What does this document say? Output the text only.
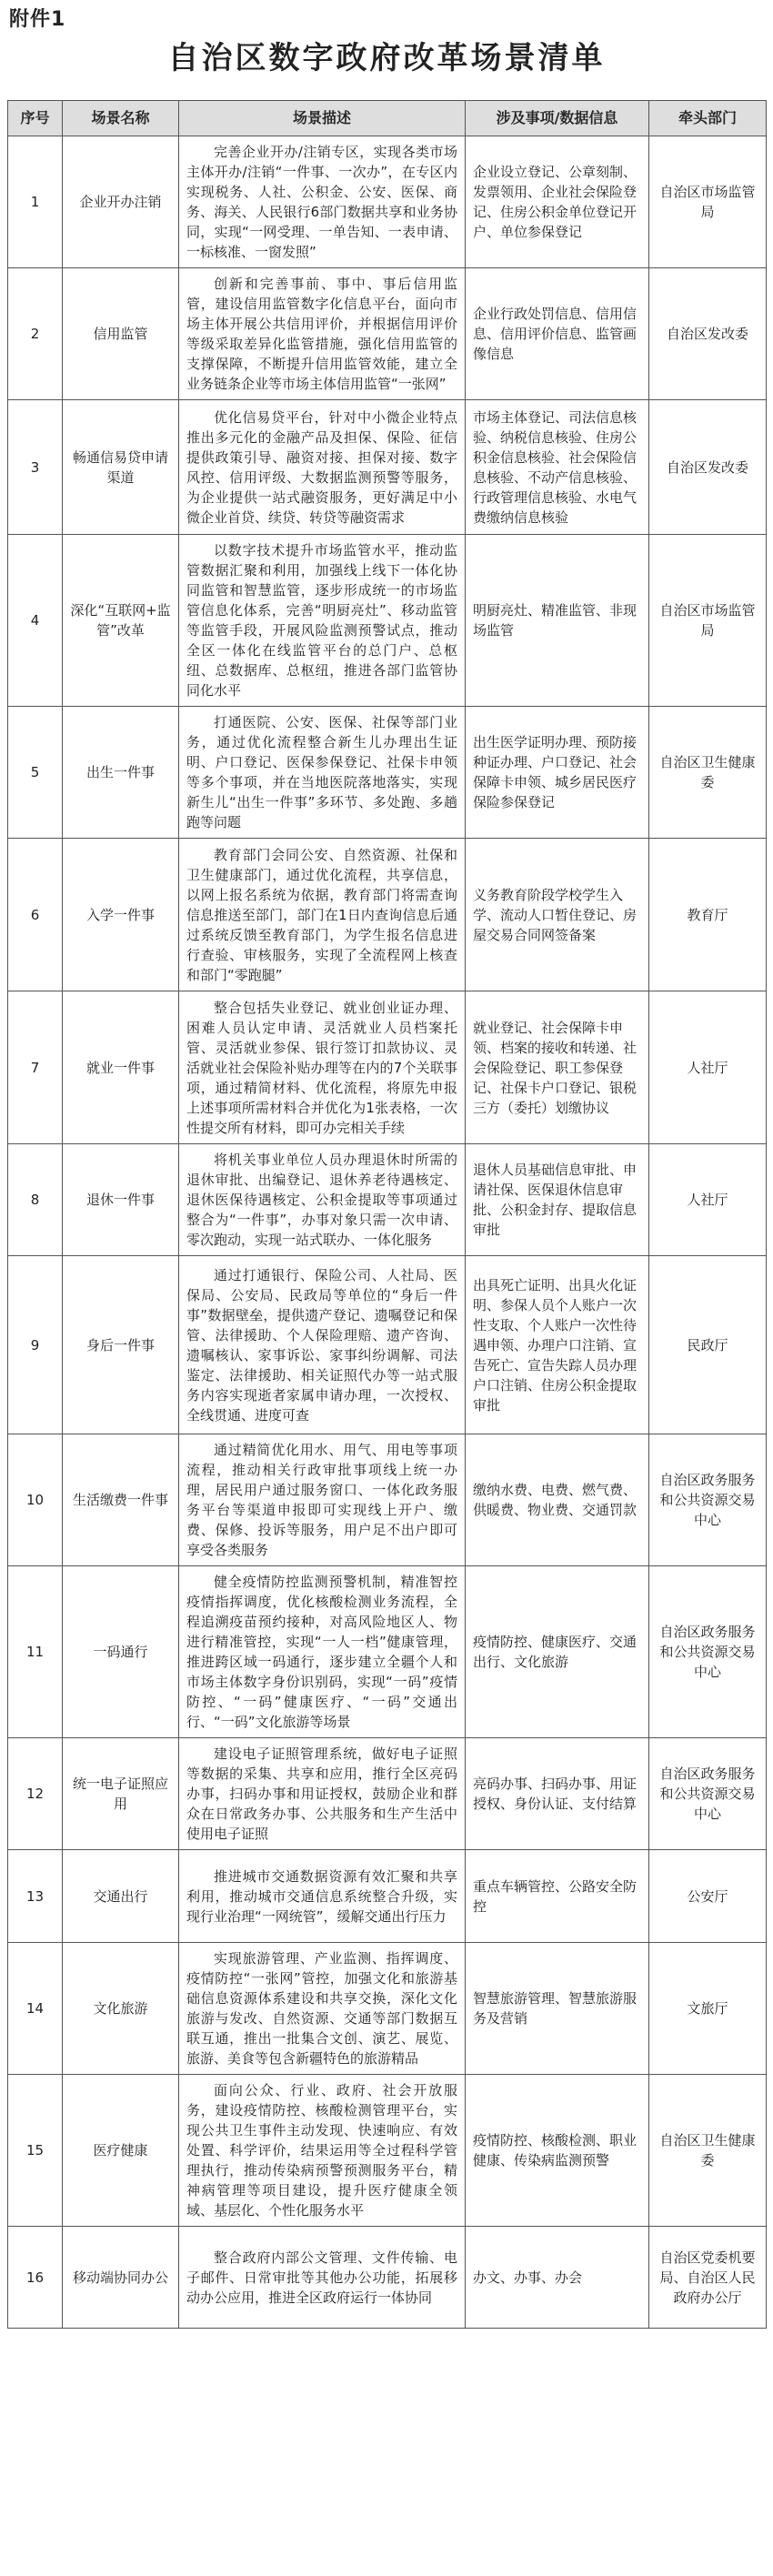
附件1
自治区数字政府改革场景清单
序号	场景名称	场景描述	涉及事项/数据信息	牵头部门
1	企业开办注销	完善企业开办/注销专区，实现各类市场主体开办/注销“一件事、一次办”，在专区内实现税务、人社、公积金、公安、医保、商务、海关、人民银行6部门数据共享和业务协同，实现“一网受理、一单告知、一表申请、一标核准、一窗发照”	企业设立登记、公章刻制、发票领用、企业社会保险登记、住房公积金单位登记开户、单位参保登记	自治区市场监管局
2	信用监管	创新和完善事前、事中、事后信用监管，建设信用监管数字化信息平台，面向市场主体开展公共信用评价，并根据信用评价等级采取差异化监管措施，强化信用监管的支撑保障，不断提升信用监管效能，建立全业务链条企业等市场主体信用监管“一张网”	企业行政处罚信息、信用信息、信用评价信息、监管画像信息	自治区发改委
3	畅通信易贷申请渠道	优化信易贷平台，针对中小微企业特点推出多元化的金融产品及担保、保险、征信提供政策引导、融资对接、担保对接、数字风控、信用评级、大数据监测预警等服务，为企业提供一站式融资服务，更好满足中小微企业首贷、续贷、转贷等融资需求	市场主体登记、司法信息核验、纳税信息核验、住房公积金信息核验、社会保险信息核验、不动产信息核验、行政管理信息核验、水电气费缴纳信息核验	自治区发改委
4	深化“互联网+监管”改革	以数字技术提升市场监管水平，推动监管数据汇聚和利用，加强线上线下一体化协同监管和智慧监管，逐步形成统一的市场监管信息化体系，完善“明厨亮灶”、移动监管等监管手段，开展风险监测预警试点，推动全区一体化在线监管平台的总门户、总枢纽、总数据库、总枢纽，推进各部门监管协同化水平	明厨亮灶、精准监管、非现场监管	自治区市场监管局
5	出生一件事	打通医院、公安、医保、社保等部门业务，通过优化流程整合新生儿办理出生证明、户口登记、医保参保登记、社保卡申领等多个事项，并在当地医院落地落实，实现新生儿“出生一件事”多环节、多处跑、多趟跑等问题	出生医学证明办理、预防接种证办理、户口登记、社会保障卡申领、城乡居民医疗保险参保登记	自治区卫生健康委
6	入学一件事	教育部门会同公安、自然资源、社保和卫生健康部门，通过优化流程，共享信息，以网上报名系统为依据，教育部门将需查询信息推送至部门，部门在1日内查询信息后通过系统反馈至教育部门，为学生报名信息进行查验、审核服务，实现了全流程网上核查和部门“零跑腿”	义务教育阶段学校学生入学、流动人口暂住登记、房屋交易合同网签备案	教育厅
7	就业一件事	整合包括失业登记、就业创业证办理、困难人员认定申请、灵活就业人员档案托管、灵活就业参保、银行签订扣款协议、灵活就业社会保险补贴办理等在内的7个关联事项，通过精简材料、优化流程，将原先申报上述事项所需材料合并优化为1张表格，一次性提交所有材料，即可办完相关手续	就业登记、社会保障卡申领、档案的接收和转递、社会保险登记、职工参保登记、社保卡户口登记、银税三方（委托）划缴协议	人社厅
8	退休一件事	将机关事业单位人员办理退休时所需的退休审批、出编登记、退休养老待遇核定、退休医保待遇核定、公积金提取等事项通过整合为“一件事”，办事对象只需一次申请、零次跑动，实现一站式联办、一体化服务	退休人员基础信息审批、申请社保、医保退休信息审批、公积金封存、提取信息审批	人社厅
9	身后一件事	通过打通银行、保险公司、人社局、医保局、公安局、民政局等单位的“身后一件事”数据壁垒，提供遗产登记、遗嘱登记和保管、法律援助、个人保险理赔、遗产咨询、遗嘱核认、家事诉讼、家事纠纷调解、司法鉴定、法律援助、相关证照代办等一站式服务内容实现逝者家属申请办理，一次授权、全线贯通、进度可查	出具死亡证明、出具火化证明、参保人员个人账户一次性支取、个人账户一次性待遇申领、办理户口注销、宣告死亡、宣告失踪人员办理户口注销、住房公积金提取审批	民政厅
10	生活缴费一件事	通过精简优化用水、用气、用电等事项流程，推动相关行政审批事项线上统一办理，居民用户通过服务窗口、一体化政务服务平台等渠道申报即可实现线上开户、缴费、保修、投诉等服务，用户足不出户即可享受各类服务	缴纳水费、电费、燃气费、供暖费、物业费、交通罚款	自治区政务服务和公共资源交易中心
11	一码通行	健全疫情防控监测预警机制，精准智控疫情指挥调度，优化核酸检测业务流程，全程追溯疫苗预约接种，对高风险地区人、物进行精准管控，实现“一人一档”健康管理，推进跨区域一码通行，逐步建立全疆个人和市场主体数字身份识别码，实现“一码”疫情防控、“一码”健康医疗、“一码”交通出行、“一码”文化旅游等场景	疫情防控、健康医疗、交通出行、文化旅游	自治区政务服务和公共资源交易中心
12	统一电子证照应用	建设电子证照管理系统，做好电子证照等数据的采集、共享和应用，推行全区亮码办事，扫码办事和用证授权，鼓励企业和群众在日常政务办事、公共服务和生产生活中使用电子证照	亮码办事、扫码办事、用证授权、身份认证、支付结算	自治区政务服务和公共资源交易中心
13	交通出行	推进城市交通数据资源有效汇聚和共享利用，推动城市交通信息系统整合升级，实现行业治理“一网统管”，缓解交通出行压力	重点车辆管控、公路安全防控	公安厅
14	文化旅游	实现旅游管理、产业监测、指挥调度、疫情防控“一张网”管控，加强文化和旅游基础信息资源体系建设和共享交换，深化文化旅游与发改、自然资源、交通等部门数据互联互通，推出一批集合文创、演艺、展览、旅游、美食等包含新疆特色的旅游精品	智慧旅游管理、智慧旅游服务及营销	文旅厅
15	医疗健康	面向公众、行业、政府、社会开放服务，建设疫情防控、核酸检测管理平台，实现公共卫生事件主动发现、快速响应、有效处置、科学评价，结果运用等全过程科学管理执行，推动传染病预警预测服务平台，精神病管理等项目建设，提升医疗健康全领域、基层化、个性化服务水平	疫情防控、核酸检测、职业健康、传染病监测预警	自治区卫生健康委
16	移动端协同办公	整合政府内部公文管理、文件传输、电子邮件、日常审批等其他办公功能，拓展移动办公应用，推进全区政府运行一体协同	办文、办事、办会	自治区党委机要局、自治区人民政府办公厅
